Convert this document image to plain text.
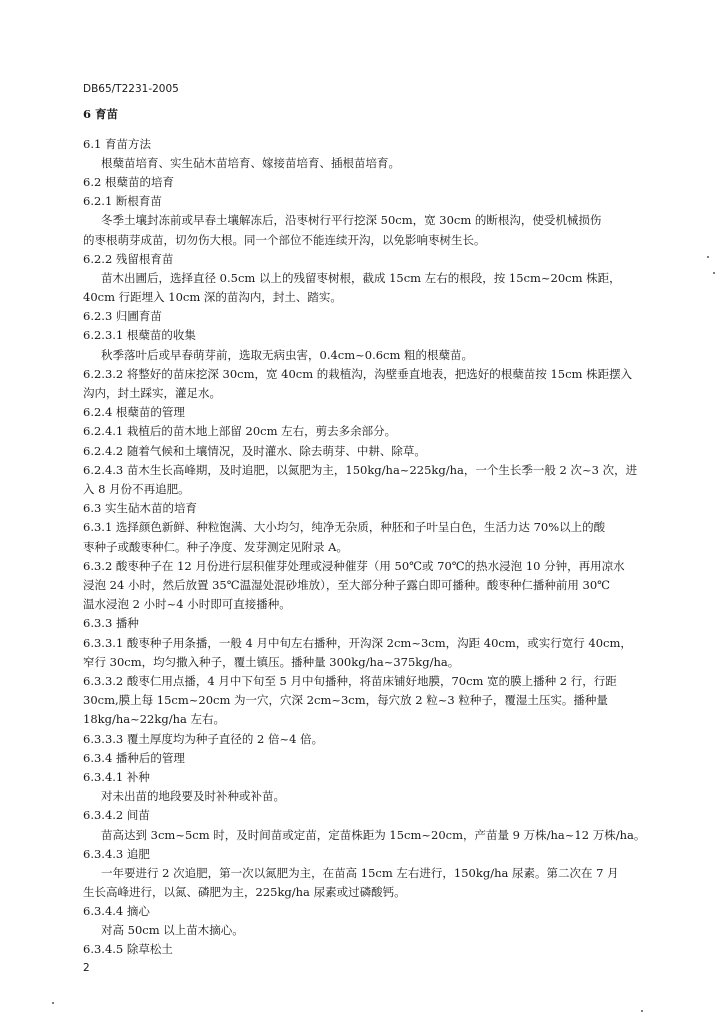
DB65/T2231-2005
6 育苗
6.1 育苗方法
根蘖苗培育、实生砧木苗培育、嫁接苗培育、插根苗培育。
6.2 根蘖苗的培育
6.2.1 断根育苗
冬季土壤封冻前或早春土壤解冻后，沿枣树行平行挖深 50cm，宽 30cm 的断根沟，使受机械损伤
的枣根萌芽成苗，切勿伤大根。同一个部位不能连续开沟，以免影响枣树生长。
6.2.2 残留根育苗
苗木出圃后，选择直径 0.5cm 以上的残留枣树根，截成 15cm 左右的根段，按 15cm~20cm 株距，
40cm 行距埋入 10cm 深的苗沟内，封土、踏实。
6.2.3 归圃育苗
6.2.3.1 根蘖苗的收集
秋季落叶后或早春萌芽前，选取无病虫害，0.4cm~0.6cm 粗的根蘖苗。
6.2.3.2 将整好的苗床挖深 30cm，宽 40cm 的栽植沟，沟壁垂直地表，把选好的根蘖苗按 15cm 株距摆入
沟内，封土踩实，灌足水。
6.2.4 根蘖苗的管理
6.2.4.1 栽植后的苗木地上部留 20cm 左右，剪去多余部分。
6.2.4.2 随着气候和土壤情况，及时灌水、除去萌芽、中耕、除草。
6.2.4.3 苗木生长高峰期，及时追肥，以氮肥为主，150kg/ha~225kg/ha，一个生长季一般 2 次~3 次，进
入 8 月份不再追肥。
6.3 实生砧木苗的培育
6.3.1 选择颜色新鲜、种粒饱满、大小均匀，纯净无杂质，种胚和子叶呈白色，生活力达 70%以上的酸
枣种子或酸枣种仁。种子净度、发芽测定见附录 A。
6.3.2 酸枣种子在 12 月份进行层积催芽处理或浸种催芽（用 50℃或 70℃的热水浸泡 10 分钟，再用凉水
浸泡 24 小时，然后放置 35℃温湿处混砂堆放），至大部分种子露白即可播种。酸枣种仁播种前用 30℃
温水浸泡 2 小时~4 小时即可直接播种。
6.3.3 播种
6.3.3.1 酸枣种子用条播，一般 4 月中旬左右播种，开沟深 2cm~3cm，沟距 40cm，或实行宽行 40cm，
窄行 30cm，均匀撒入种子，覆土镇压。播种量 300kg/ha~375kg/ha。
6.3.3.2 酸枣仁用点播，4 月中下旬至 5 月中旬播种，将苗床铺好地膜，70cm 宽的膜上播种 2 行，行距
30cm,膜上每 15cm~20cm 为一穴，穴深 2cm~3cm，每穴放 2 粒~3 粒种子，覆湿土压实。播种量
18kg/ha~22kg/ha 左右。
6.3.3.3 覆土厚度均为种子直径的 2 倍~4 倍。
6.3.4 播种后的管理
6.3.4.1 补种
对未出苗的地段要及时补种或补苗。
6.3.4.2 间苗
苗高达到 3cm~5cm 时，及时间苗或定苗，定苗株距为 15cm~20cm，产苗量 9 万株/ha~12 万株/ha。
6.3.4.3 追肥
一年要进行 2 次追肥，第一次以氮肥为主，在苗高 15cm 左右进行，150kg/ha 尿素。第二次在 7 月
生长高峰进行，以氮、磷肥为主，225kg/ha 尿素或过磷酸钙。
6.3.4.4 摘心
对高 50cm 以上苗木摘心。
6.3.4.5 除草松土
2
